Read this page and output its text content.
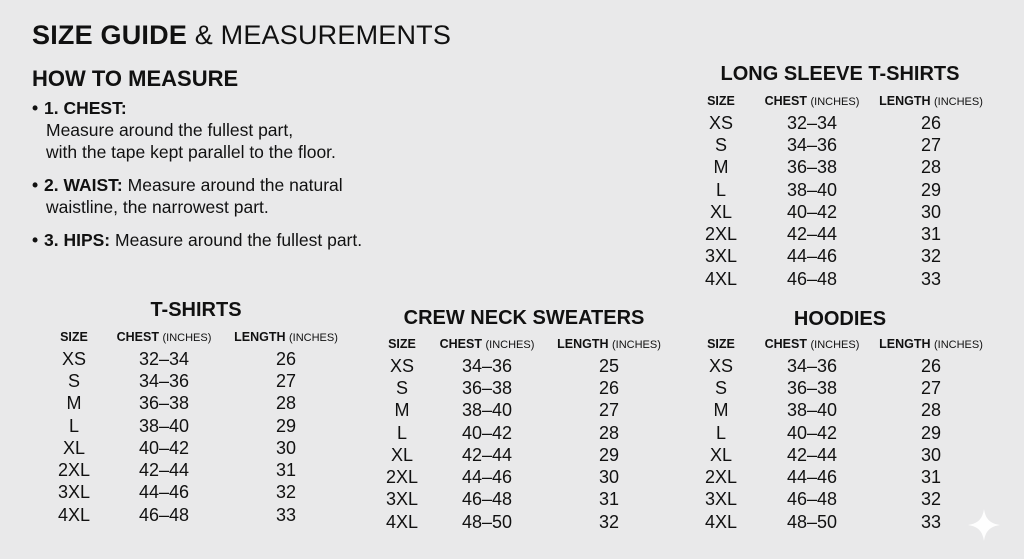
SIZE GUIDE & MEASUREMENTS
HOW TO MEASURE
• 1. CHEST:
Measure around the fullest part,
with the tape kept parallel to the floor.
• 2. WAIST: Measure around the natural
waistline, the narrowest part.
• 3. HIPS: Measure around the fullest part.
LONG SLEEVE T-SHIRTS
SIZE	CHEST (INCHES)	LENGTH (INCHES)
XS	32–34	26
S	34–36	27
M	36–38	28
L	38–40	29
XL	40–42	30
2XL	42–44	31
3XL	44–46	32
4XL	46–48	33
T-SHIRTS
SIZE	CHEST (INCHES)	LENGTH (INCHES)
XS	32–34	26
S	34–36	27
M	36–38	28
L	38–40	29
XL	40–42	30
2XL	42–44	31
3XL	44–46	32
4XL	46–48	33
CREW NECK SWEATERS
SIZE	CHEST (INCHES)	LENGTH (INCHES)
XS	34–36	25
S	36–38	26
M	38–40	27
L	40–42	28
XL	42–44	29
2XL	44–46	30
3XL	46–48	31
4XL	48–50	32
HOODIES
SIZE	CHEST (INCHES)	LENGTH (INCHES)
XS	34–36	26
S	36–38	27
M	38–40	28
L	40–42	29
XL	42–44	30
2XL	44–46	31
3XL	46–48	32
4XL	48–50	33
